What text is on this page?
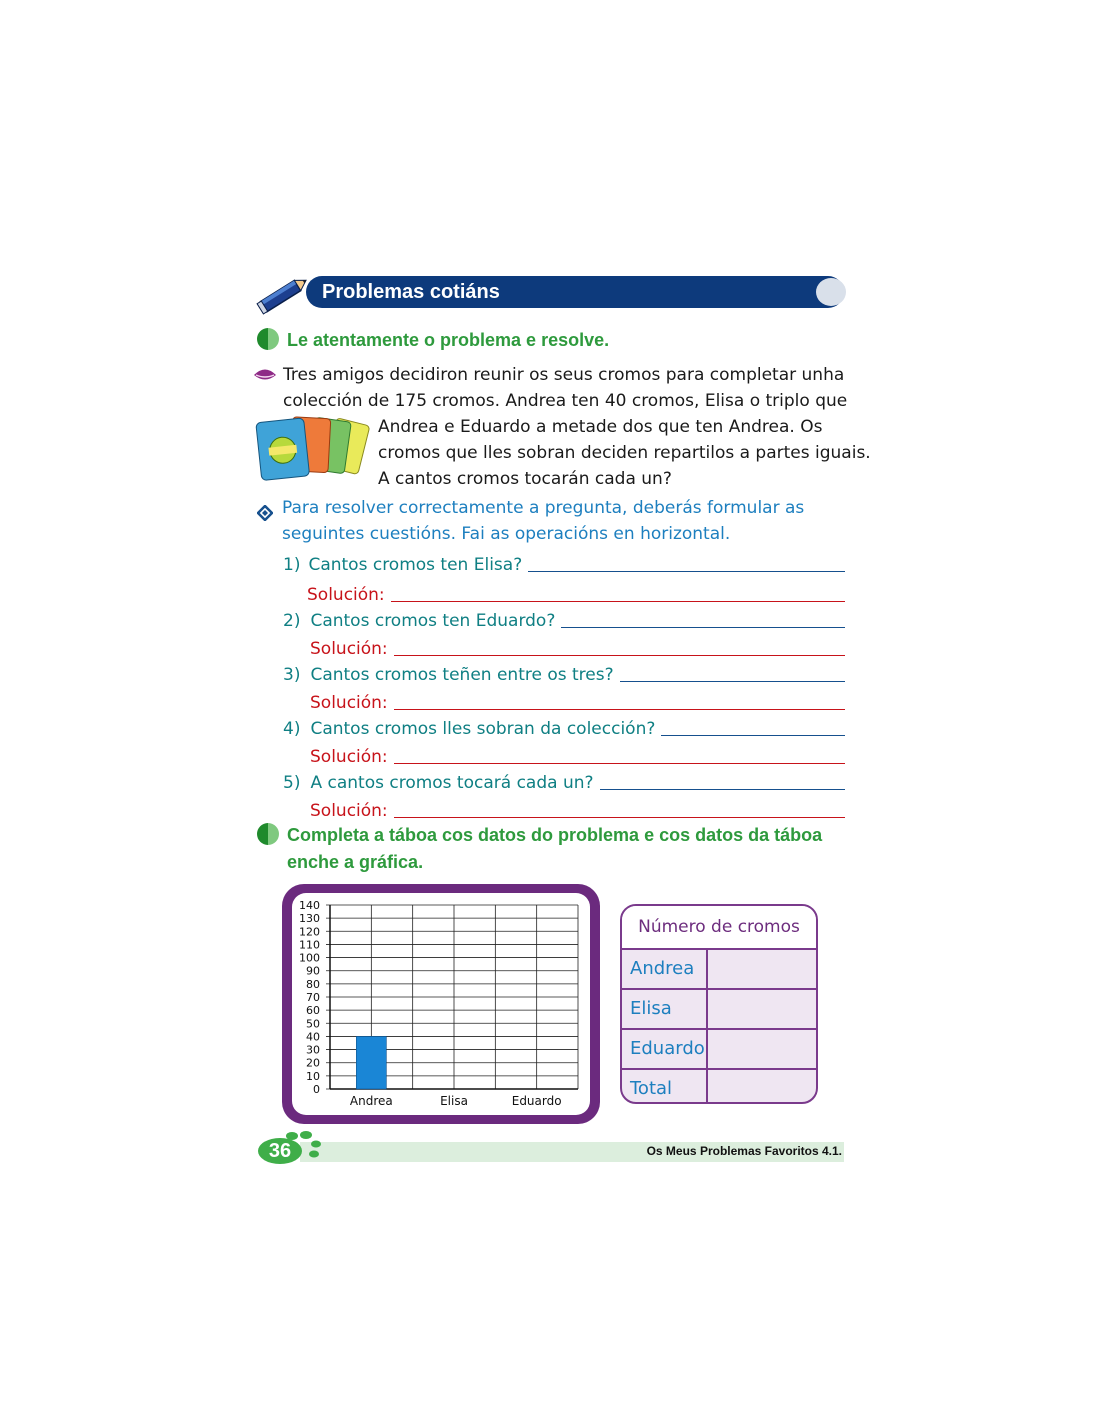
Problemas cotiáns
Le atentamente o problema e resolve.
Tres amigos decidiron reunir os seus cromos para completar unha
colección de 175 cromos. Andrea ten 40 cromos, Elisa o triplo que
Andrea e Eduardo a metade dos que ten Andrea. Os
cromos que lles sobran deciden repartilos a partes iguais.
A cantos cromos tocarán cada un?
Para resolver correctamente a pregunta, deberás formular as
seguintes cuestións. Fai as operacións en horizontal.
1) Cantos cromos ten Elisa?
Solución:
2) Cantos cromos ten Eduardo?
Solución:
3) Cantos cromos teñen entre os tres?
Solución:
4) Cantos cromos lles sobran da colección?
Solución:
5) A cantos cromos tocará cada un?
Solución:
Completa a táboa cos datos do problema e cos datos da táboa
enche a gráfica.
0
10
20
30
40
50
60
70
80
90
100
110
120
130
140
Andrea	Elisa	Eduardo
Número de cromos
Andrea
Elisa
Eduardo
Total
36	Os Meus Problemas Favoritos 4.1.
